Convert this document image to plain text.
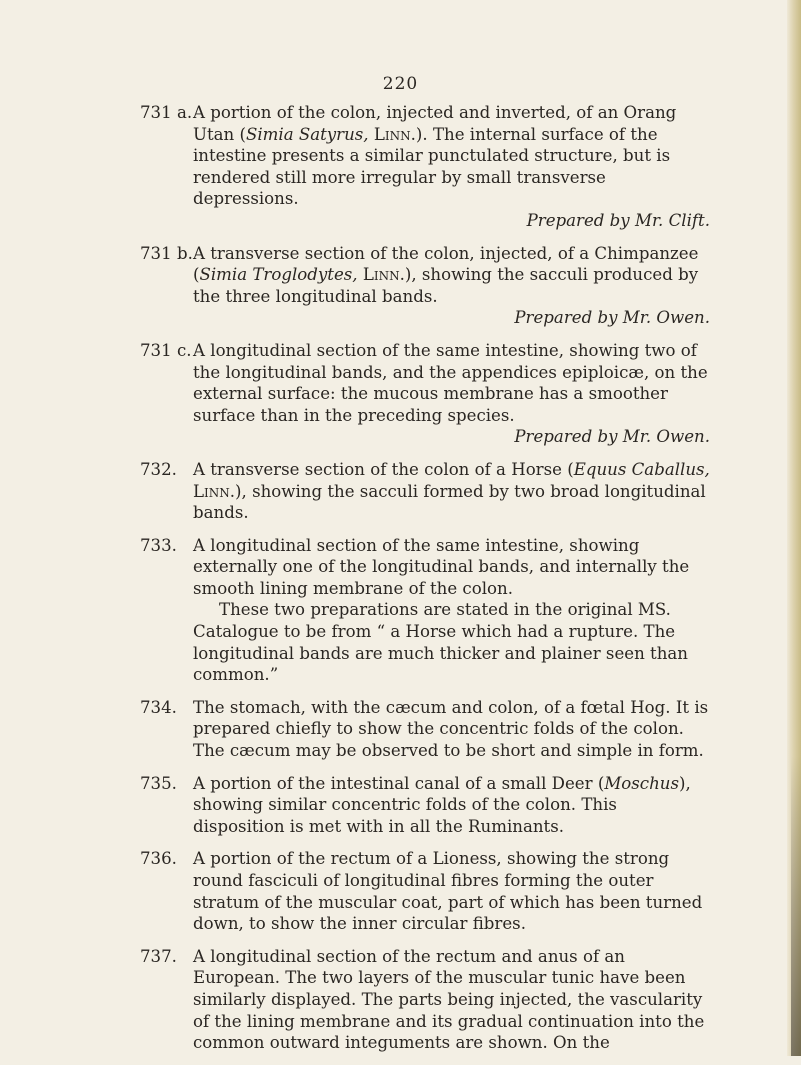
220
731 a. A portion of the colon, injected and inverted, of an Orang Utan (Simia Satyrus, Linn.). The internal surface of the intestine presents a similar punctulated structure, but is rendered still more irregular by small transverse depressions.
Prepared by Mr. Clift.
731 b. A transverse section of the colon, injected, of a Chimpanzee (Simia Troglodytes, Linn.), showing the sacculi produced by the three longitudinal bands.
Prepared by Mr. Owen.
731 c. A longitudinal section of the same intestine, showing two of the longitudinal bands, and the appendices epiploicæ, on the external surface: the mucous membrane has a smoother surface than in the preceding species.
Prepared by Mr. Owen.
732. A transverse section of the colon of a Horse (Equus Caballus, Linn.), showing the sacculi formed by two broad longitudinal bands.
733. A longitudinal section of the same intestine, showing externally one of the longitudinal bands, and internally the smooth lining membrane of the colon.
These two preparations are stated in the original MS. Catalogue to be from “ a Horse which had a rupture. The longitudinal bands are much thicker and plainer seen than common.”
734. The stomach, with the cæcum and colon, of a fœtal Hog. It is prepared chiefly to show the concentric folds of the colon. The cæcum may be observed to be short and simple in form.
735. A portion of the intestinal canal of a small Deer (Moschus), showing similar concentric folds of the colon. This disposition is met with in all the Ruminants.
736. A portion of the rectum of a Lioness, showing the strong round fasciculi of longitudinal fibres forming the outer stratum of the muscular coat, part of which has been turned down, to show the inner circular fibres.
737. A longitudinal section of the rectum and anus of an European. The two layers of the muscular tunic have been similarly displayed. The parts being injected, the vascularity of the lining membrane and its gradual continuation into the common outward integuments are shown. On the
